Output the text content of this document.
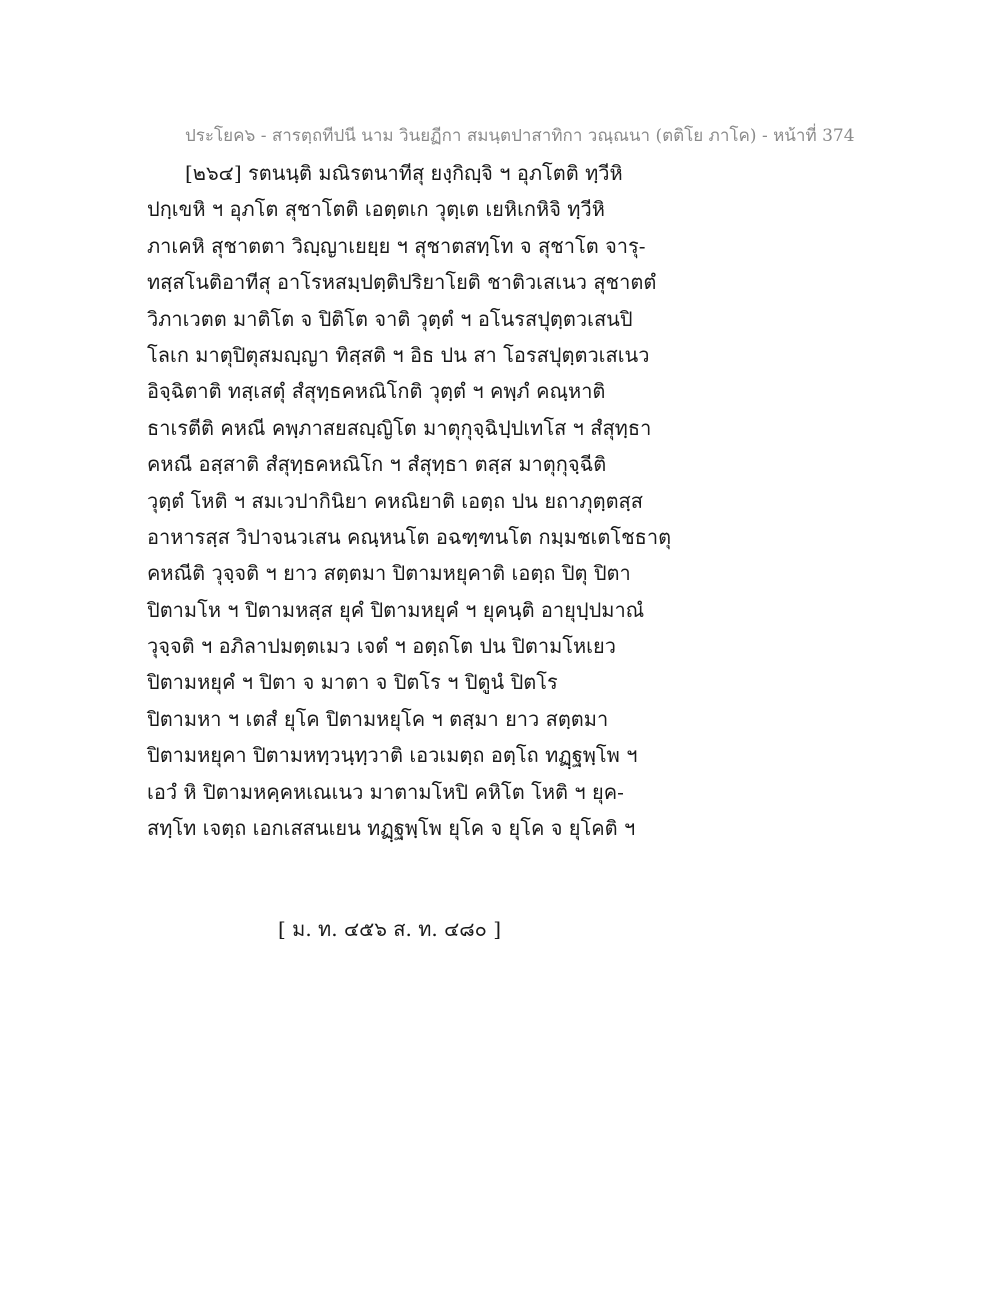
ประโยค๖ - สารตฺถทีปนี นาม วินยฏีกา สมนฺตปาสาทิกา วณฺณนา (ตติโย ภาโค) - หน้าที่ 374
[๒๖๔] รตนนฺติ มณิรตนาทีสุ ยงฺกิญฺจิ ฯ อุภโตติ ทฺวีหิ
ปกฺเขหิ ฯ อุภโต สุชาโตติ เอตฺตเก วุตฺเต เยหิเกหิจิ ทฺวีหิ
ภาเคหิ สุชาตตา วิญฺญาเยยฺย ฯ สุชาตสทฺโท จ สุชาโต จารุ-
ทสฺสโนติอาทีสุ อาโรหสมฺปตฺติปริยาโยติ ชาติวเสเนว สุชาตตํ
วิภาเวตต มาติโต จ ปิติโต จาติ วุตฺตํ ฯ อโนรสปุตฺตวเสนปิ
โลเก มาตุปิตุสมญฺญา ทิสฺสติ ฯ อิธ ปน สา โอรสปุตฺตวเสเนว
อิจฺฉิตาติ ทสฺเสตุํ สํสุทฺธคหณิโกติ วุตฺตํ ฯ คพฺภํ คณฺหาติ
ธาเรตีติ คหณี คพฺภาสยสญฺญิโต มาตุกุจฺฉิปฺปเทโส ฯ สํสุทฺธา
คหณี อสฺสาติ สํสุทฺธคหณิโก ฯ สํสุทฺธา ตสฺส มาตุกุจฺฉีติ
วุตฺตํ โหติ ฯ สมเวปากินิยา คหณิยาติ เอตฺถ ปน ยถาภุตฺตสฺส
อาหารสฺส วิปาจนวเสน คณฺหนโต อฉฑฺฑนโต กมฺมชเตโชธาตุ
คหณีติ วุจฺจติ ฯ ยาว สตฺตมา ปิตามหยุคาติ เอตฺถ ปิตุ ปิตา
ปิตามโห ฯ ปิตามหสฺส ยุคํ ปิตามหยุคํ ฯ ยุคนฺติ อายุปฺปมาณํ
วุจฺจติ ฯ อภิลาปมตฺตเมว เจตํ ฯ อตฺถโต ปน ปิตามโหเยว
ปิตามหยุคํ ฯ ปิตา จ มาตา จ ปิตโร ฯ ปิตูนํ ปิตโร
ปิตามหา ฯ เตสํ ยุโค ปิตามหยุโค ฯ ตสฺมา ยาว สตฺตมา
ปิตามหยุคา ปิตามหทฺวนฺทฺวาติ เอวเมตฺถ อตฺโถ ทฏฺฐพฺโพ ฯ
เอวํ หิ ปิตามหคฺคหเณเนว มาตามโหปิ คหิโต โหติ ฯ ยุค-
สทฺโท เจตฺถ เอกเสสนเยน ทฏฺฐพฺโพ ยุโค จ ยุโค จ ยุโคติ ฯ
[ ม. ท. ๔๕๖ ส. ท. ๔๘๐ ]
